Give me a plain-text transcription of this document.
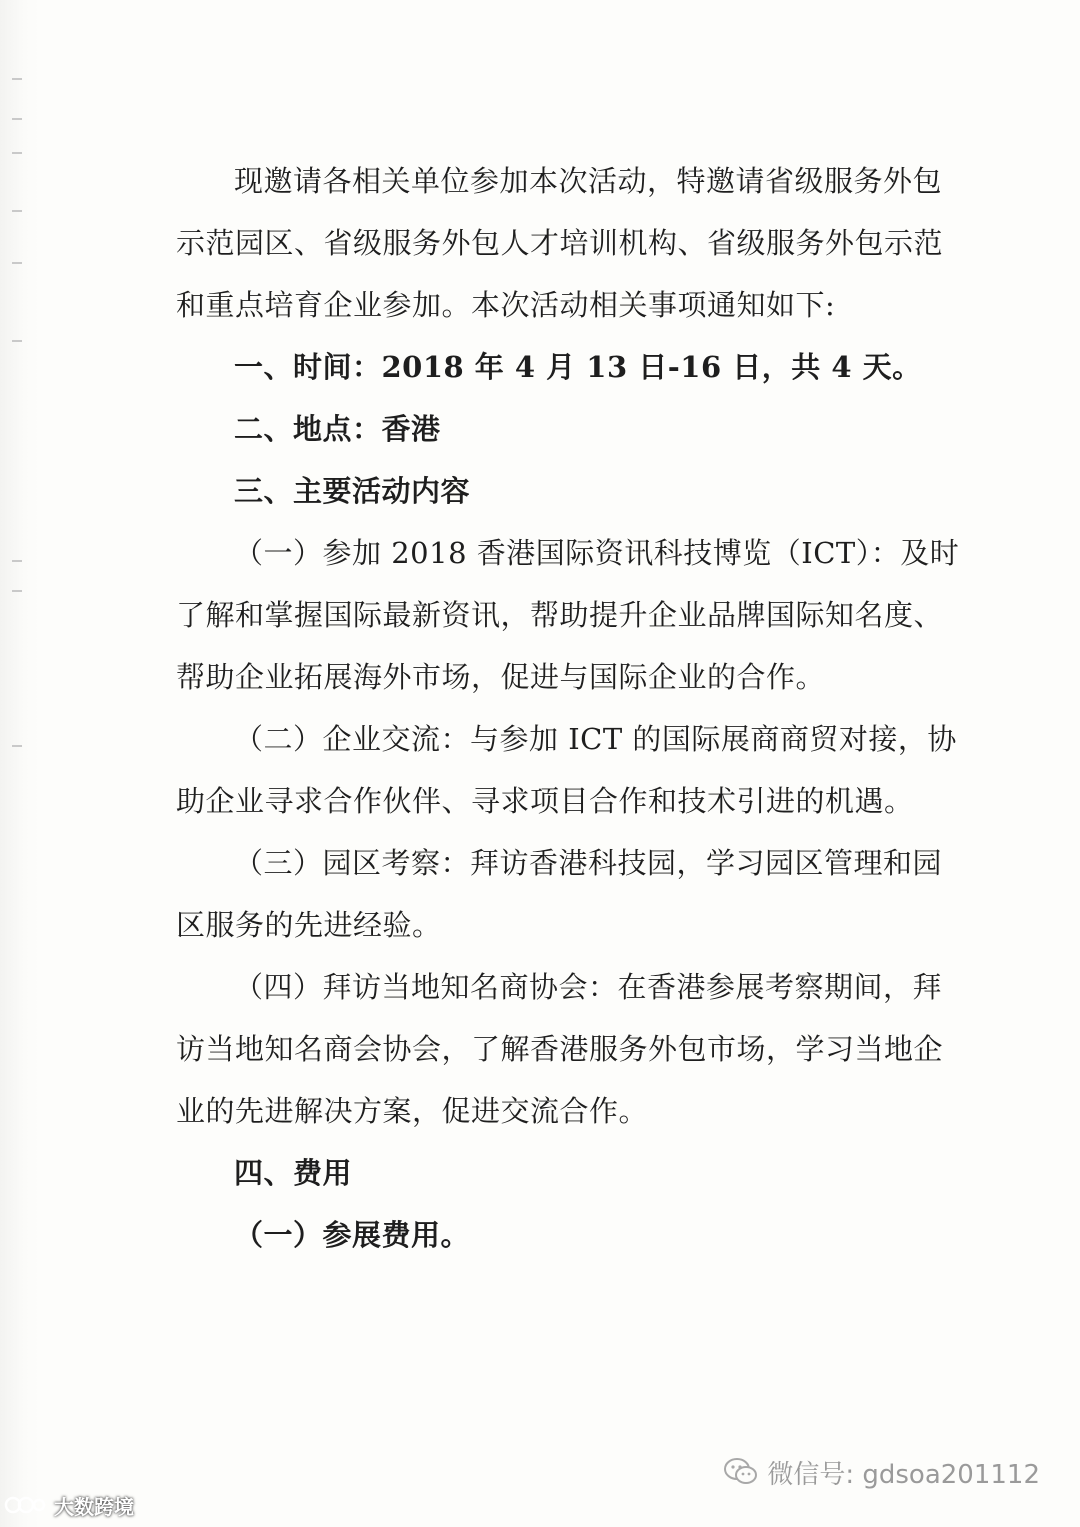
现邀请各相关单位参加本次活动，特邀请省级服务外包
示范园区、省级服务外包人才培训机构、省级服务外包示范
和重点培育企业参加。本次活动相关事项通知如下:
一、时间：2018 年 4 月 13 日-16 日，共 4 天。
二、地点：香港
三、主要活动内容
（一）参加 2018 香港国际资讯科技博览（ICT）：及时
了解和掌握国际最新资讯，帮助提升企业品牌国际知名度、
帮助企业拓展海外市场，促进与国际企业的合作。
（二）企业交流：与参加 ICT 的国际展商商贸对接，协
助企业寻求合作伙伴、寻求项目合作和技术引进的机遇。
（三）园区考察：拜访香港科技园，学习园区管理和园
区服务的先进经验。
（四）拜访当地知名商协会：在香港参展考察期间，拜
访当地知名商会协会，了解香港服务外包市场，学习当地企
业的先进解决方案，促进交流合作。
四、费用
（一）参展费用。
微信号: gdsoa201112
大数跨境
